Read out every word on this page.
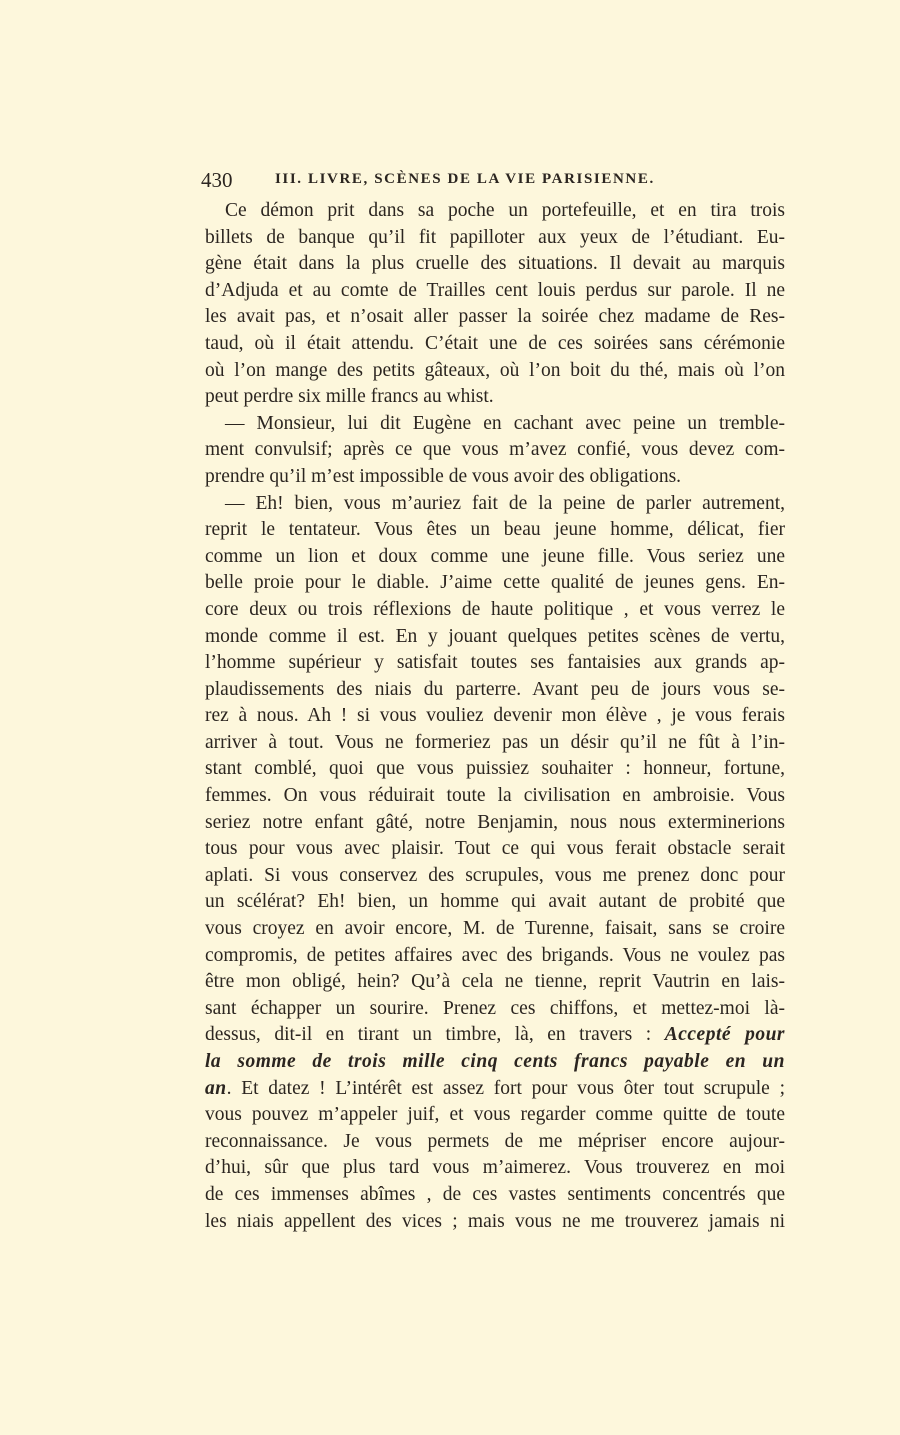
430	III. LIVRE, SCÈNES DE LA VIE PARISIENNE.
Ce démon prit dans sa poche un portefeuille, et en tira trois
billets de banque qu’il fit papilloter aux yeux de l’étudiant. Eu-
gène était dans la plus cruelle des situations. Il devait au marquis
d’Adjuda et au comte de Trailles cent louis perdus sur parole. Il ne
les avait pas, et n’osait aller passer la soirée chez madame de Res-
taud, où il était attendu. C’était une de ces soirées sans cérémonie
où l’on mange des petits gâteaux, où l’on boit du thé, mais où l’on
peut perdre six mille francs au whist.
— Monsieur, lui dit Eugène en cachant avec peine un tremble-
ment convulsif; après ce que vous m’avez confié, vous devez com-
prendre qu’il m’est impossible de vous avoir des obligations.
— Eh! bien, vous m’auriez fait de la peine de parler autrement,
reprit le tentateur. Vous êtes un beau jeune homme, délicat, fier
comme un lion et doux comme une jeune fille. Vous seriez une
belle proie pour le diable. J’aime cette qualité de jeunes gens. En-
core deux ou trois réflexions de haute politique , et vous verrez le
monde comme il est. En y jouant quelques petites scènes de vertu,
l’homme supérieur y satisfait toutes ses fantaisies aux grands ap-
plaudissements des niais du parterre. Avant peu de jours vous se-
rez à nous. Ah ! si vous vouliez devenir mon élève , je vous ferais
arriver à tout. Vous ne formeriez pas un désir qu’il ne fût à l’in-
stant comblé, quoi que vous puissiez souhaiter : honneur, fortune,
femmes. On vous réduirait toute la civilisation en ambroisie. Vous
seriez notre enfant gâté, notre Benjamin, nous nous exterminerions
tous pour vous avec plaisir. Tout ce qui vous ferait obstacle serait
aplati. Si vous conservez des scrupules, vous me prenez donc pour
un scélérat? Eh! bien, un homme qui avait autant de probité que
vous croyez en avoir encore, M. de Turenne, faisait, sans se croire
compromis, de petites affaires avec des brigands. Vous ne voulez pas
être mon obligé, hein? Qu’à cela ne tienne, reprit Vautrin en lais-
sant échapper un sourire. Prenez ces chiffons, et mettez-moi là-
dessus, dit-il en tirant un timbre, là, en travers : Accepté pour
la somme de trois mille cinq cents francs payable en un
an. Et datez ! L’intérêt est assez fort pour vous ôter tout scrupule ;
vous pouvez m’appeler juif, et vous regarder comme quitte de toute
reconnaissance. Je vous permets de me mépriser encore aujour-
d’hui, sûr que plus tard vous m’aimerez. Vous trouverez en moi
de ces immenses abîmes , de ces vastes sentiments concentrés que
les niais appellent des vices ; mais vous ne me trouverez jamais ni
